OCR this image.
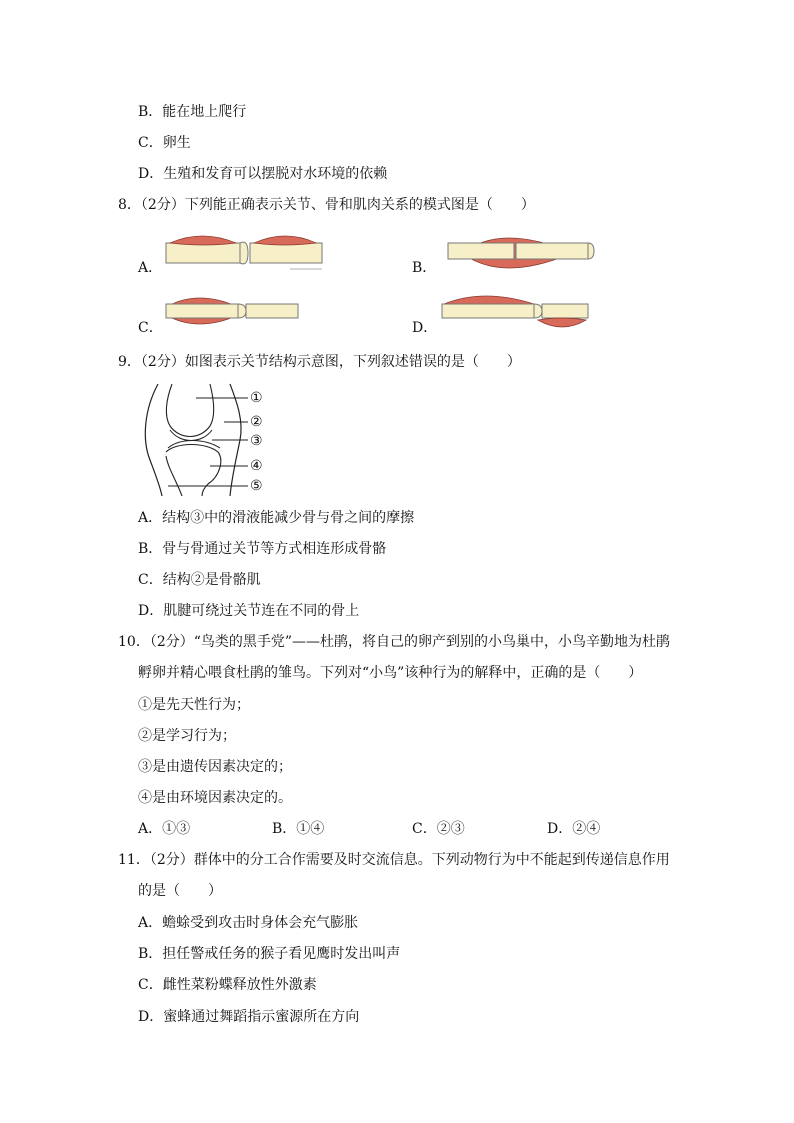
B．能在地上爬行
C．卵生
D．生殖和发育可以摆脱对水环境的依赖
8．（2分）下列能正确表示关节、骨和肌肉关系的模式图是（　　）
A．	B．
C．	D．
9．（2分）如图表示关节结构示意图，下列叙述错误的是（　　）
①
②
③
④
⑤
A．结构③中的滑液能减少骨与骨之间的摩擦
B．骨与骨通过关节等方式相连形成骨骼
C．结构②是骨骼肌
D．肌腱可绕过关节连在不同的骨上
10．（2分）“鸟类的黑手党”——杜鹃，将自己的卵产到别的小鸟巢中，小鸟辛勤地为杜鹃
孵卵并精心喂食杜鹃的雏鸟。下列对“小鸟”该种行为的解释中，正确的是（　　）
①是先天性行为；
②是学习行为；
③是由遗传因素决定的；
④是由环境因素决定的。
A．①③	B．①④	C．②③	D．②④
11．（2分）群体中的分工合作需要及时交流信息。下列动物行为中不能起到传递信息作用
的是（　　）
A．蟾蜍受到攻击时身体会充气膨胀
B．担任警戒任务的猴子看见鹰时发出叫声
C．雌性菜粉蝶释放性外激素
D．蜜蜂通过舞蹈指示蜜源所在方向
